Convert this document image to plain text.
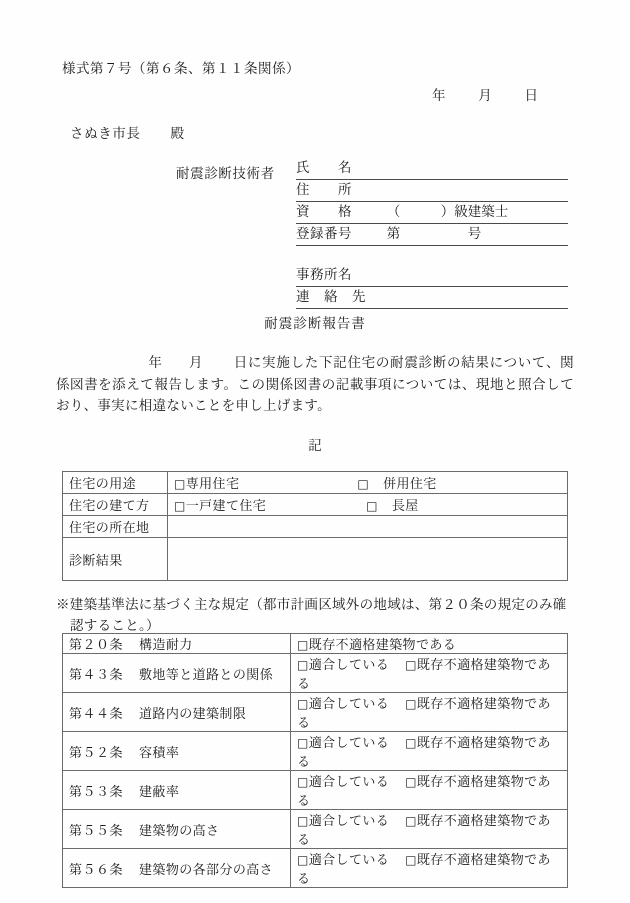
様式第７号（第６条、第１１条関係）
年 月 日
さぬき市長 殿
耐震診断技術者 氏　　名
住　　所
資　　格	（　　　）級建築士
登録番号	第　　　　　号
事務所名
連　絡　先
耐震診断報告書
年 月 日に実施した下記住宅の耐震診断の結果について、関係図書を添えて報告します。この関係図書の記載事項については、現地と照合しており、事実に相違ないことを申し上げます。
記
住宅の用途	□専用住宅 □ 併用住宅
住宅の建て方	□一戸建て住宅 □ 長屋
住宅の所在地	
診断結果	
※建築基準法に基づく主な規定（都市計画区域外の地域は、第２０条の規定のみ確
認すること。）
第２０条 構造耐力	□既存不適格建築物である
第４３条 敷地等と道路との関係	□適合している □既存不適格建築物である
第４４条 道路内の建築制限	□適合している □既存不適格建築物である
第５２条 容積率	□適合している □既存不適格建築物である
第５３条 建蔽率	□適合している □既存不適格建築物である
第５５条 建築物の高さ	□適合している □既存不適格建築物である
第５６条 建築物の各部分の高さ	□適合している □既存不適格建築物である
